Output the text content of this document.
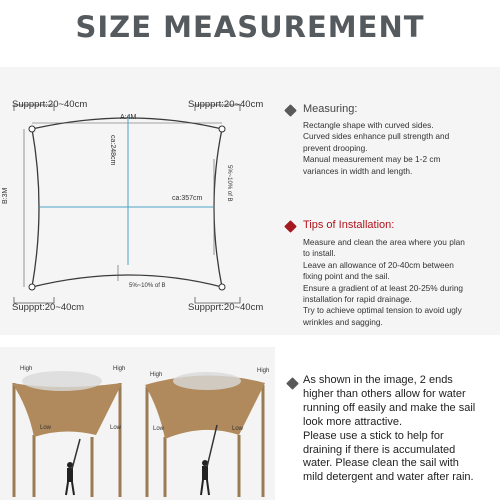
SIZE MEASUREMENT
Suppprt:20~40cm	Suppprt:20~40cm
Supppt:20~40cm	Suppprt:20~40cm
A:4M
B:3M
ca:248cm
ca:357cm	5%~10% of B
5%~10% of B
Measuring:
Rectangle shape with curved sides.
Curved sides enhance pull strength and
prevent drooping.
Manual measurement may be 1-2 cm
variances in width and length.
Tips of Installation:
Measure and clean the area where you plan
to install.
Leave an allowance of 20-40cm between
fixing point and the sail.
Ensure a gradient of at least 20-25% during
installation for rapid drainage.
Try to achieve optimal tension to avoid ugly
wrinkles and sagging.
High	High
Low	Low
High
High
Low	Low
As shown in the image, 2 ends
higher than others allow for water
running off easily and make the sail
look more attractive.
Please use a stick to help for
draining if there is accumulated
water. Please clean the sail with
mild detergent and water after rain.
